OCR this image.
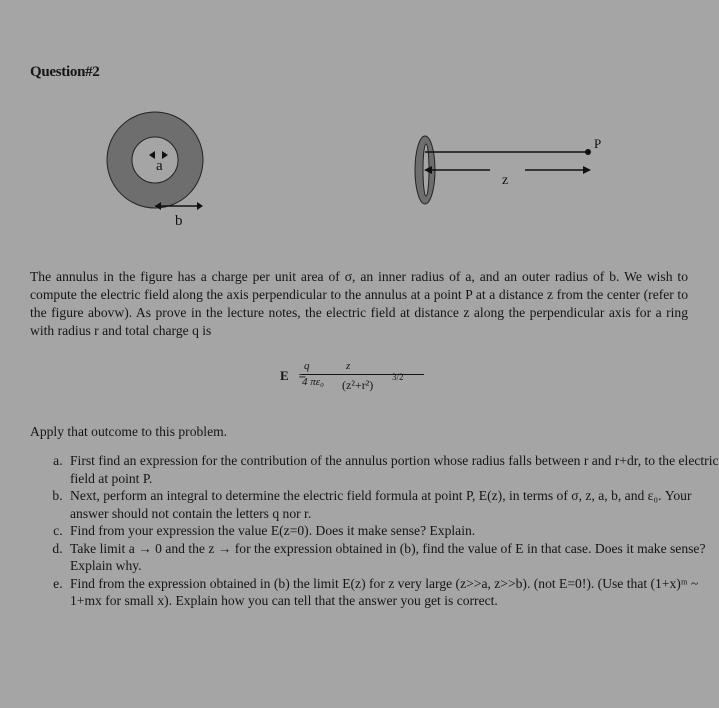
Question#2
a
b
P
z
The annulus in the figure has a charge per unit area of σ, an inner radius of a, and an outer radius of b. We wish to compute the electric field along the axis perpendicular to the annulus at a point P at a distance z from the center (refer to the figure abovw). As prove in the lecture notes, the electric field at distance z along the perpendicular axis for a ring with radius r and total charge q is
E⃗=
q	z
4 πε₀ (z²+r²)
3/2
Apply that outcome to this problem.
a. First find an expression for the contribution of the annulus portion whose radius falls between r and r+dr, to the electric field at point P.
b. Next, perform an integral to determine the electric field formula at point P, E(z), in terms of σ, z, a, b, and ε₀. Your answer should not contain the letters q nor r.
c. Find from your expression the value E(z=0). Does it make sense? Explain.
d. Take limit a → 0 and the z → for the expression obtained in (b), find the value of E in that case. Does it make sense? Explain why.
e. Find from the expression obtained in (b) the limit E(z) for z very large (z>>a, z>>b). (not E=0!). (Use that (1+x)ᵐ ~ 1+mx for small x). Explain how you can tell that the answer you get is correct.
